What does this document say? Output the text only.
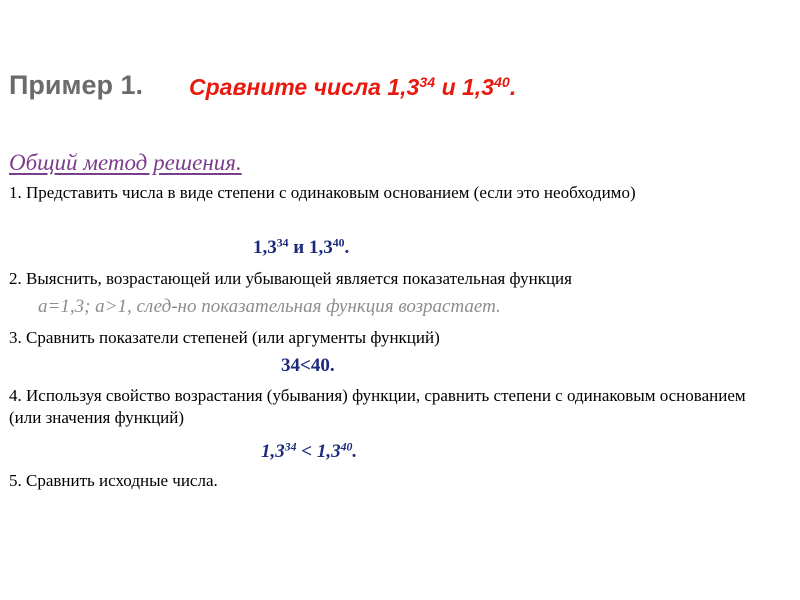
Пример 1. Сравните числа $1,3^{34}$ и $1,3^{40}$.
Общий метод решения.
1. Представить числа в виде степени с одинаковым основанием (если это необходимо)
$1,3^{34}$ и $1,3^{40}$.
2. Выяснить, возрастающей или убывающей является показательная функция
a=1,3; a>1, след-но показательная функция возрастает.
3. Сравнить показатели степеней (или аргументы функций)
34<40.
4. Используя свойство возрастания (убывания) функции, сравнить степени с одинаковым основанием (или значения функций)
$1,3^{34} < 1,3^{40}$.
5. Сравнить исходные числа.
